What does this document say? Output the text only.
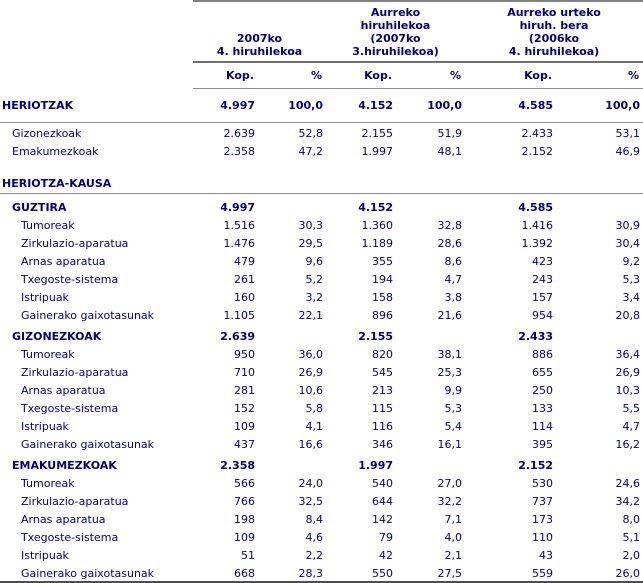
2007ko
4. hiruhilekoa

Aurreko
hiruhilekoa
(2007ko
3.hiruhilekoa)

Aurreko urteko
hiruh. bera
(2006ko
4. hiruhilekoa)

	Kop.	%	Kop.	%	Kop.	%
HERIOTZAK	4.997	100,0	4.152	100,0	4.585	100,0
Gizonezkoak	2.639	52,8	2.155	51,9	2.433	53,1
Emakumezkoak	2.358	47,2	1.997	48,1	2.152	46,9

HERIOTZA-KAUSA						
GUZTIRA	4.997		4.152		4.585	
Tumoreak	1.516	30,3	1.360	32,8	1.416	30,9
Zirkulazio-aparatua	1.476	29,5	1.189	28,6	1.392	30,4
Arnas aparatua	479	9,6	355	8,6	423	9,2
Txegoste-sistema	261	5,2	194	4,7	243	5,3
Istripuak	160	3,2	158	3,8	157	3,4
Gainerako gaixotasunak	1.105	22,1	896	21,6	954	20,8
GIZONEZKOAK	2.639		2.155		2.433	
Tumoreak	950	36,0	820	38,1	886	36,4
Zirkulazio-aparatua	710	26,9	545	25,3	655	26,9
Arnas aparatua	281	10,6	213	9,9	250	10,3
Txegoste-sistema	152	5,8	115	5,3	133	5,5
Istripuak	109	4,1	116	5,4	114	4,7
Gainerako gaixotasunak	437	16,6	346	16,1	395	16,2
EMAKUMEZKOAK	2.358		1.997		2.152	
Tumoreak	566	24,0	540	27,0	530	24,6
Zirkulazio-aparatua	766	32,5	644	32,2	737	34,2
Arnas aparatua	198	8,4	142	7,1	173	8,0
Txegoste-sistema	109	4,6	79	4,0	110	5,1
Istripuak	51	2,2	42	2,1	43	2,0
Gainerako gaixotasunak	668	28,3	550	27,5	559	26,0
